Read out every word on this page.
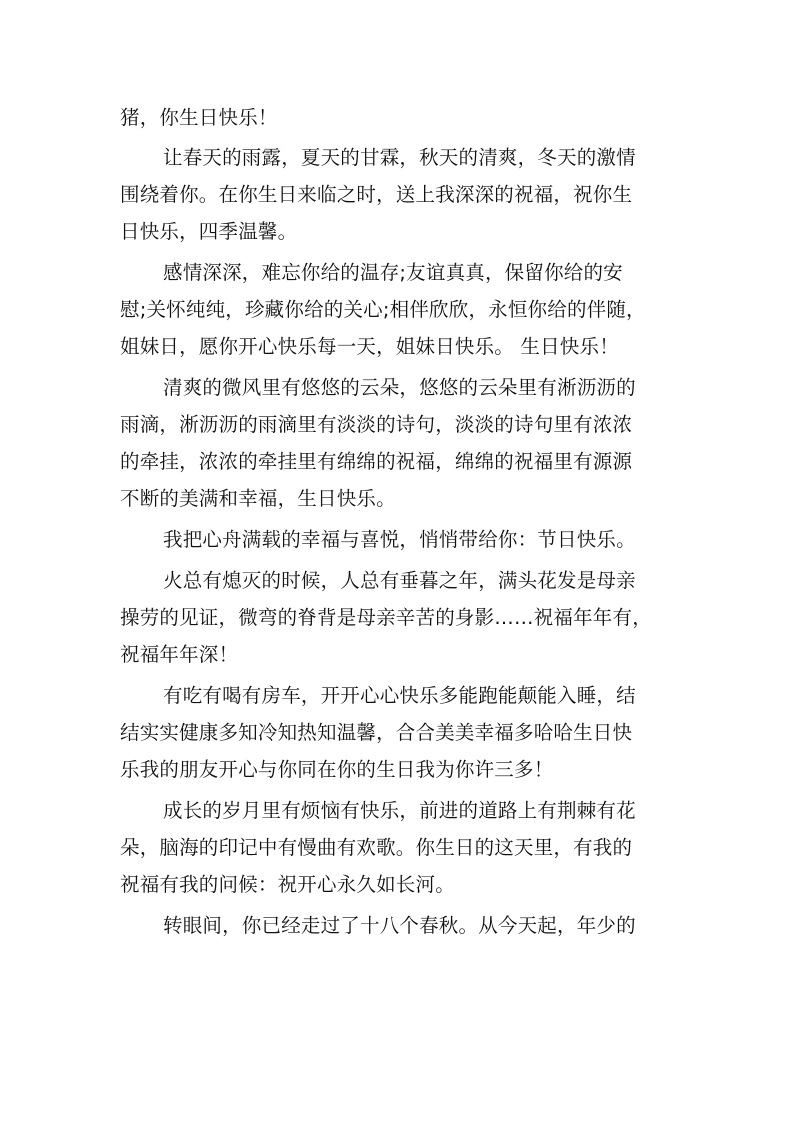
猪，你生日快乐！
让春天的雨露，夏天的甘霖，秋天的清爽，冬天的激情
围绕着你。在你生日来临之时，送上我深深的祝福，祝你生
日快乐，四季温馨。
感情深深，难忘你给的温存;友谊真真，保留你给的安
慰;关怀纯纯，珍藏你给的关心;相伴欣欣，永恒你给的伴随，
姐妹日，愿你开心快乐每一天，姐妹日快乐。 生日快乐！
清爽的微风里有悠悠的云朵，悠悠的云朵里有淅沥沥的
雨滴，淅沥沥的雨滴里有淡淡的诗句，淡淡的诗句里有浓浓
的牵挂，浓浓的牵挂里有绵绵的祝福，绵绵的祝福里有源源
不断的美满和幸福，生日快乐。
我把心舟满载的幸福与喜悦，悄悄带给你：节日快乐。
火总有熄灭的时候，人总有垂暮之年，满头花发是母亲
操劳的见证，微弯的脊背是母亲辛苦的身影……祝福年年有，
祝福年年深！
有吃有喝有房车，开开心心快乐多能跑能颠能入睡，结
结实实健康多知冷知热知温馨，合合美美幸福多哈哈生日快
乐我的朋友开心与你同在你的生日我为你许三多！
成长的岁月里有烦恼有快乐，前进的道路上有荆棘有花
朵，脑海的印记中有慢曲有欢歌。你生日的这天里，有我的
祝福有我的问候：祝开心永久如长河。
转眼间，你已经走过了十八个春秋。从今天起，年少的
